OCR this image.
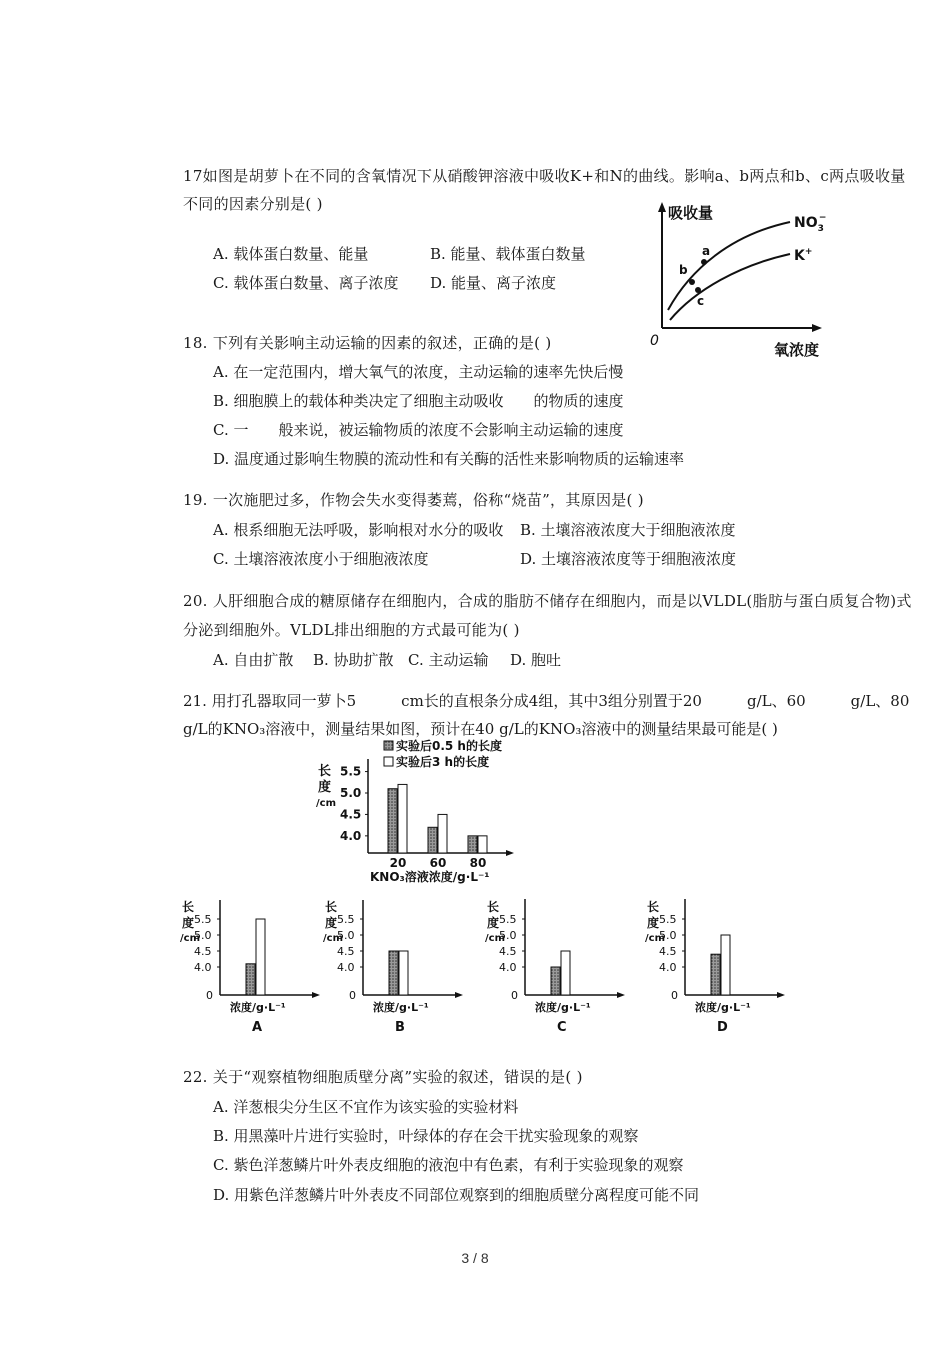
17如图是胡萝卜在不同的含氧情况下从硝酸钾溶液中吸收K+和N的曲线。影响a、b两点和b、c两点吸收量
不同的因素分别是( )
A. 载体蛋白数量、能量	B. 能量、载体蛋白数量
C. 载体蛋白数量、离子浓度 D. 能量、离子浓度
吸收量
氧浓度
0
a
b
c
$NO_3-$
K+
18. 下列有关影响主动运输的因素的叙述，正确的是( )
A. 在一定范围内，增大氧气的浓度，主动运输的速率先快后慢
B. 细胞膜上的载体种类决定了细胞主动吸收　　的物质的速度
C. 一　　般来说，被运输物质的浓度不会影响主动运输的速度
D. 温度通过影响生物膜的流动性和有关酶的活性来影响物质的运输速率
19. 一次施肥过多，作物会失水变得萎蔫，俗称“烧苗”，其原因是( )
A. 根系细胞无法呼吸，影响根对水分的吸收 B. 土壤溶液浓度大于细胞液浓度
C. 土壤溶液浓度小于细胞液浓度	D. 土壤溶液浓度等于细胞液浓度
20. 人肝细胞合成的糖原储存在细胞内，合成的脂肪不储存在细胞内，而是以VLDL(脂肪与蛋白质复合物)式
分泌到细胞外。VLDL排出细胞的方式最可能为( )
A. 自由扩散 B. 协助扩散 C. 主动运输 D. 胞吐
21. 用打孔器取同一萝卜5　　　cm长的直根条分成4组，其中3组分别置于20　　　g/L、60　　　g/L、80
g/L的KNO₃溶液中，测量结果如图，预计在40 g/L的KNO₃溶液中的测量结果最可能是( )
实验后0.5 h的长度
实验后3 h的长度
长
度
/cm
KNO₃溶液浓度/g·L⁻¹
4.0
4.5
5.0
5.5
20 60 80
长
度
/cm
0
4.0
4.5
5.0
5.5
浓度/g·L⁻¹
A
长
度
/cm
0
4.0
4.5
5.0
5.5
浓度/g·L⁻¹
B
长
度
/cm
0
4.0
4.5
5.0
5.5
浓度/g·L⁻¹
C
长
度
/cm
0
4.0
4.5
5.0
5.5
浓度/g·L⁻¹
D
22. 关于“观察植物细胞质壁分离”实验的叙述，错误的是( )
A. 洋葱根尖分生区不宜作为该实验的实验材料
B. 用黑藻叶片进行实验时，叶绿体的存在会干扰实验现象的观察
C. 紫色洋葱鳞片叶外表皮细胞的液泡中有色素，有利于实验现象的观察
D. 用紫色洋葱鳞片叶外表皮不同部位观察到的细胞质壁分离程度可能不同
3 / 8
